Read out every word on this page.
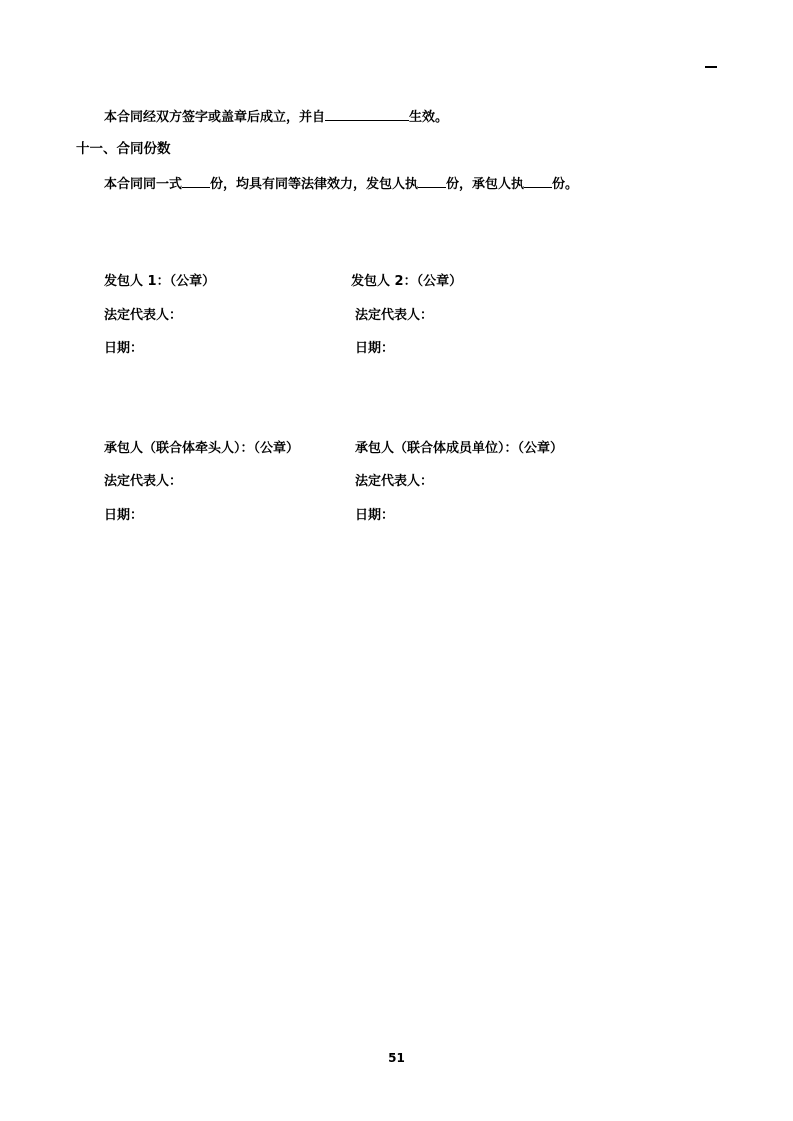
本合同经双方签字或盖章后成立，并自	生效。
十一、合同份数
本合同同一式 份，均具有同等法律效力，发包人执 份，承包人执 份。
发包人 1：（公章）
法定代表人：
日期：
发包人 2：（公章）
法定代表人：
日期：
承包人（联合体牵头人）：（公章）
法定代表人：
日期：
承包人（联合体成员单位）：（公章）
法定代表人：
日期：
51
